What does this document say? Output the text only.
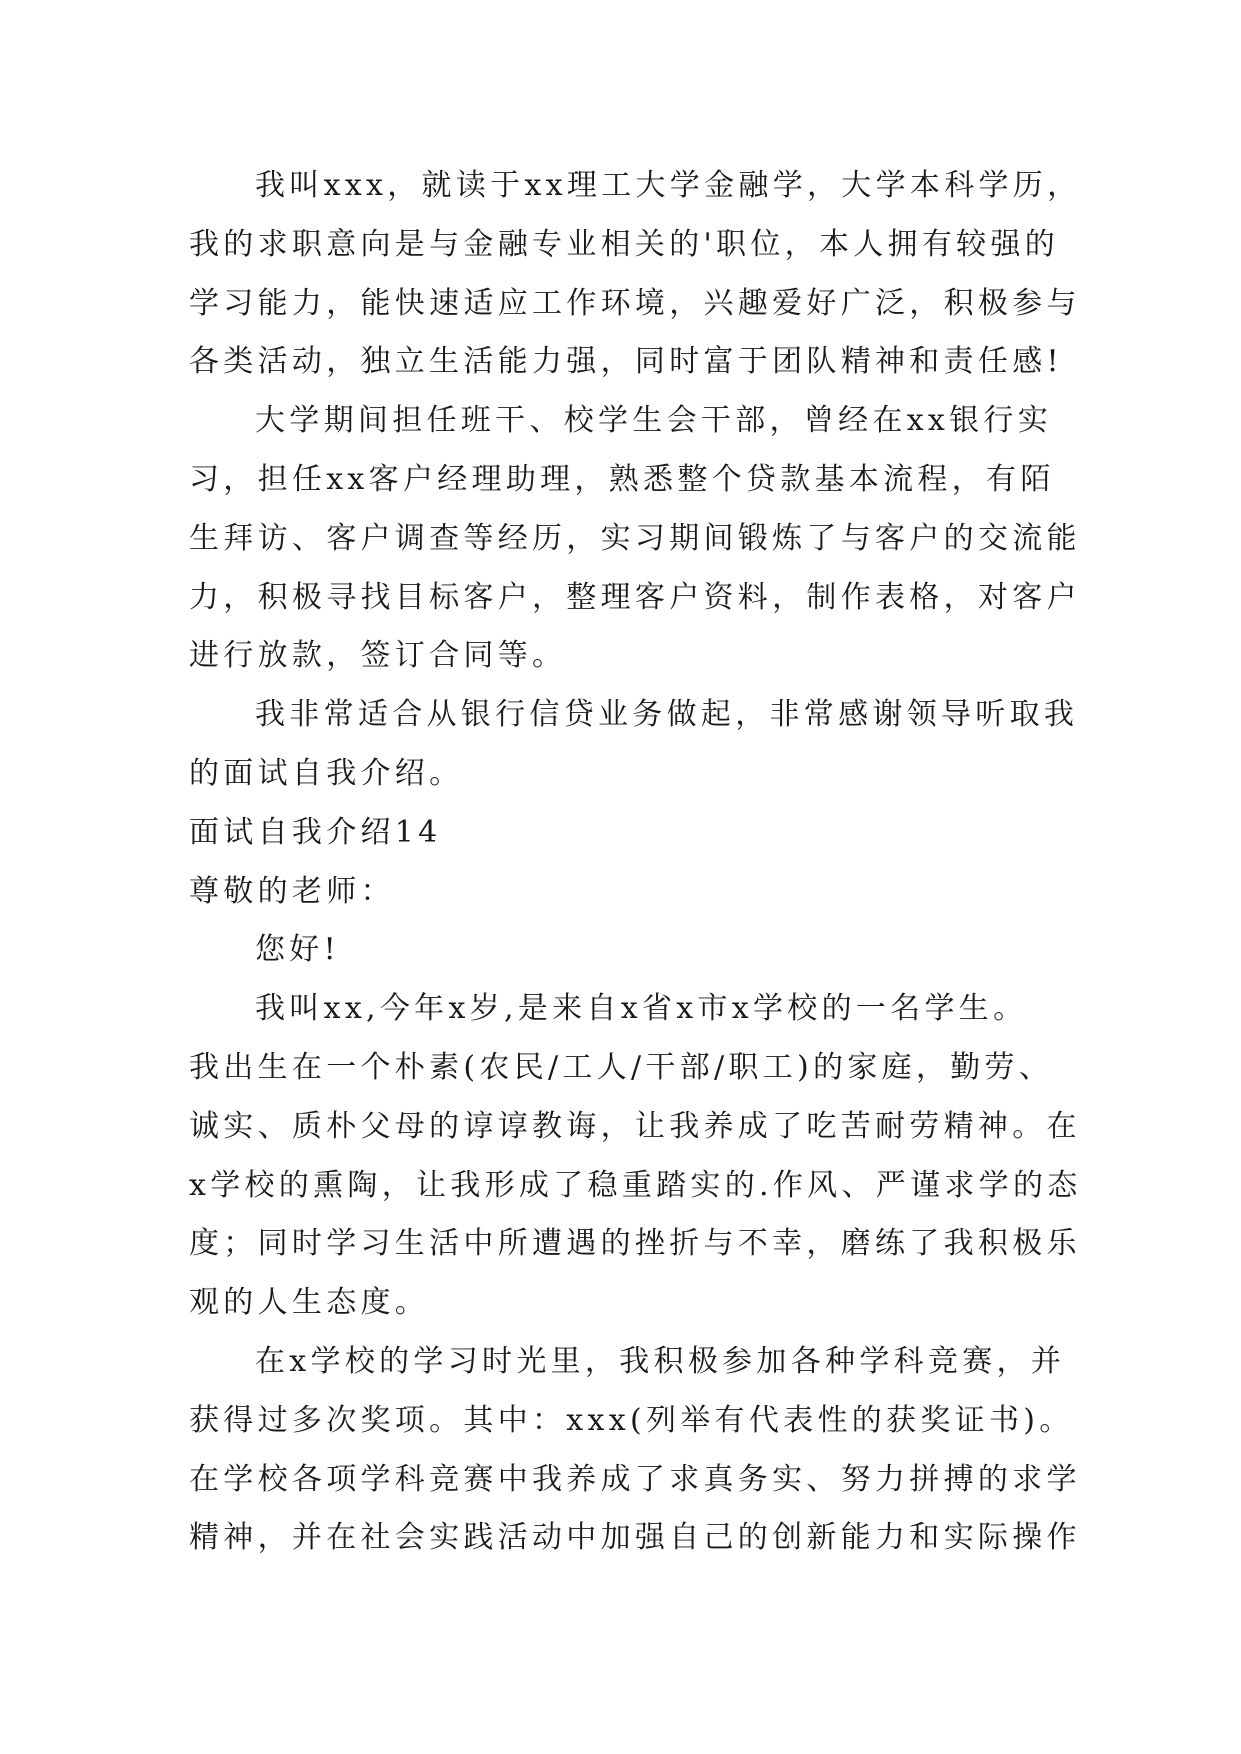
我叫xxx，就读于xx理工大学金融学，大学本科学历，
我的求职意向是与金融专业相关的'职位，本人拥有较强的
学习能力，能快速适应工作环境，兴趣爱好广泛，积极参与
各类活动，独立生活能力强，同时富于团队精神和责任感!
大学期间担任班干、校学生会干部，曾经在xx银行实
习，担任xx客户经理助理，熟悉整个贷款基本流程，有陌
生拜访、客户调查等经历，实习期间锻炼了与客户的交流能
力，积极寻找目标客户，整理客户资料，制作表格，对客户
进行放款，签订合同等。
我非常适合从银行信贷业务做起，非常感谢领导听取我
的面试自我介绍。
面试自我介绍14
尊敬的老师：
您好!
我叫xx,今年x岁,是来自x省x市x学校的一名学生。
我出生在一个朴素(农民/工人/干部/职工)的家庭，勤劳、
诚实、质朴父母的谆谆教诲，让我养成了吃苦耐劳精神。在
x学校的熏陶，让我形成了稳重踏实的.作风、严谨求学的态
度；同时学习生活中所遭遇的挫折与不幸，磨练了我积极乐
观的人生态度。
在x学校的学习时光里，我积极参加各种学科竞赛，并
获得过多次奖项。其中：xxx(列举有代表性的获奖证书)。
在学校各项学科竞赛中我养成了求真务实、努力拼搏的求学
精神，并在社会实践活动中加强自己的创新能力和实际操作
